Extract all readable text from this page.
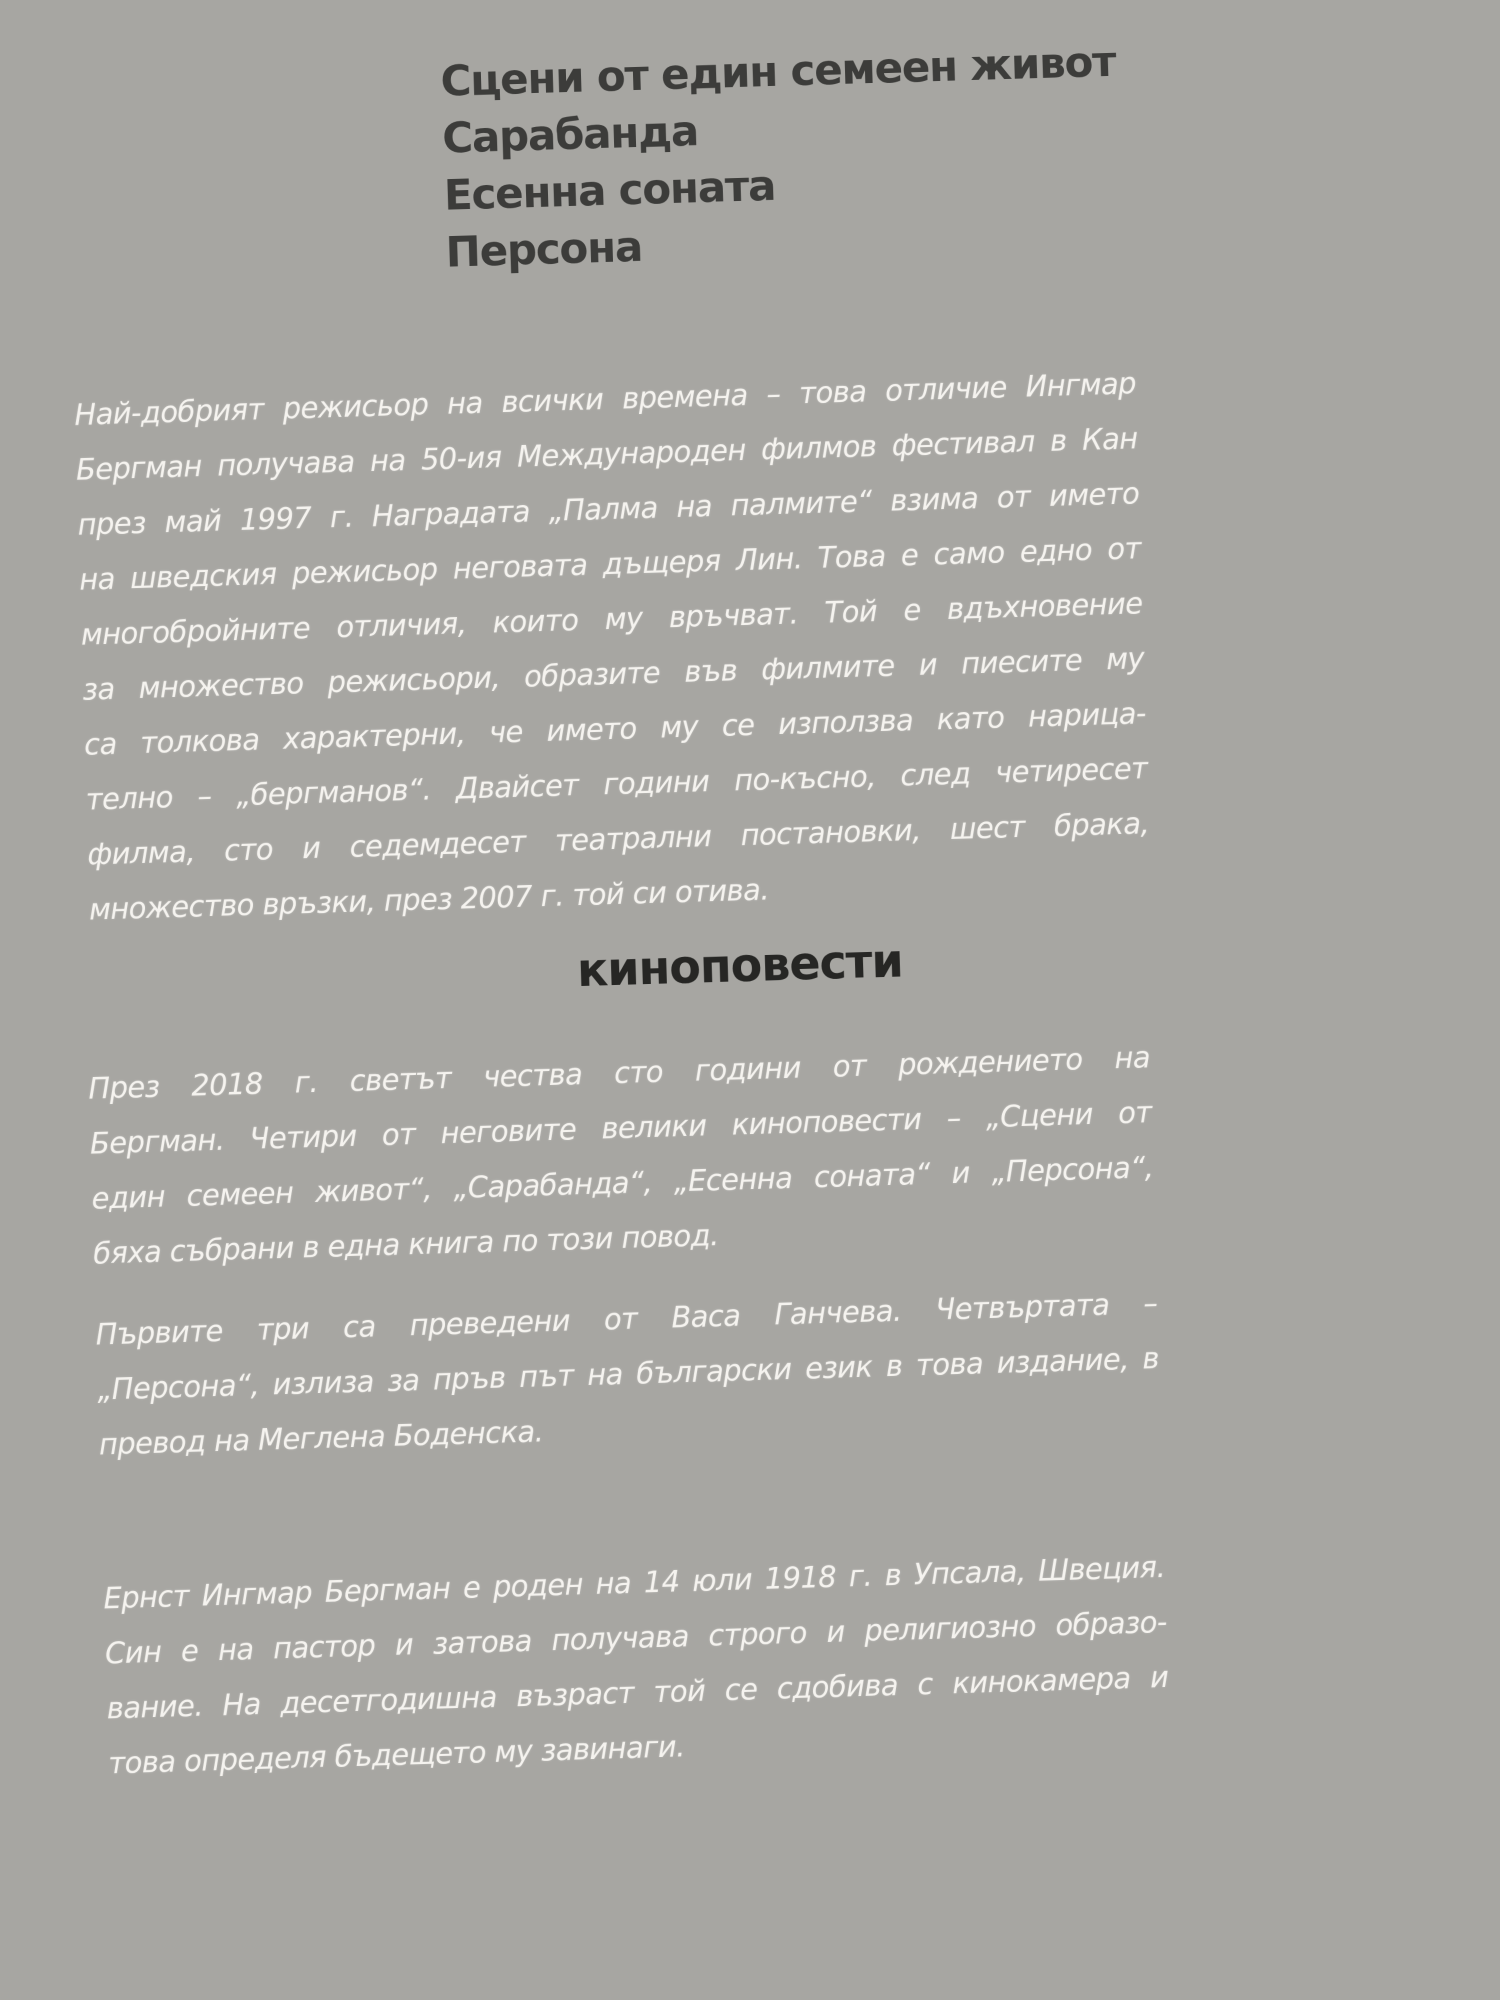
Сцени от един семеен живот
Сарабанда
Есенна соната
Персона
Най-добрият режисьор на всички времена – това отличие Ингмар
Бергман получава на 50-ия Международен филмов фестивал в Кан
през май 1997 г. Наградата „Палма на палмите“ взима от името
на шведския режисьор неговата дъщеря Лин. Това е само едно от
многобройните отличия, които му връчват. Той е вдъхновение
за множество режисьори, образите във филмите и пиесите му
са толкова характерни, че името му се използва като нарица-
телно – „бергманов“. Двайсет години по-късно, след четиресет
филма, сто и седемдесет театрални постановки, шест брака,
множество връзки, през 2007 г. той си отива.
киноповести
През 2018 г. светът чества сто години от рождението на
Бергман. Четири от неговите велики киноповести – „Сцени от
един семеен живот“, „Сарабанда“, „Есенна соната“ и „Персона“,
бяха събрани в една книга по този повод.
Първите три са преведени от Васа Ганчева. Четвъртата –
„Персона“, излиза за пръв път на български език в това издание, в
превод на Меглена Боденска.
Ернст Ингмар Бергман е роден на 14 юли 1918 г. в Упсала, Швеция.
Син е на пастор и затова получава строго и религиозно образо-
вание. На десетгодишна възраст той се сдобива с кинокамера и
това определя бъдещето му завинаги.
